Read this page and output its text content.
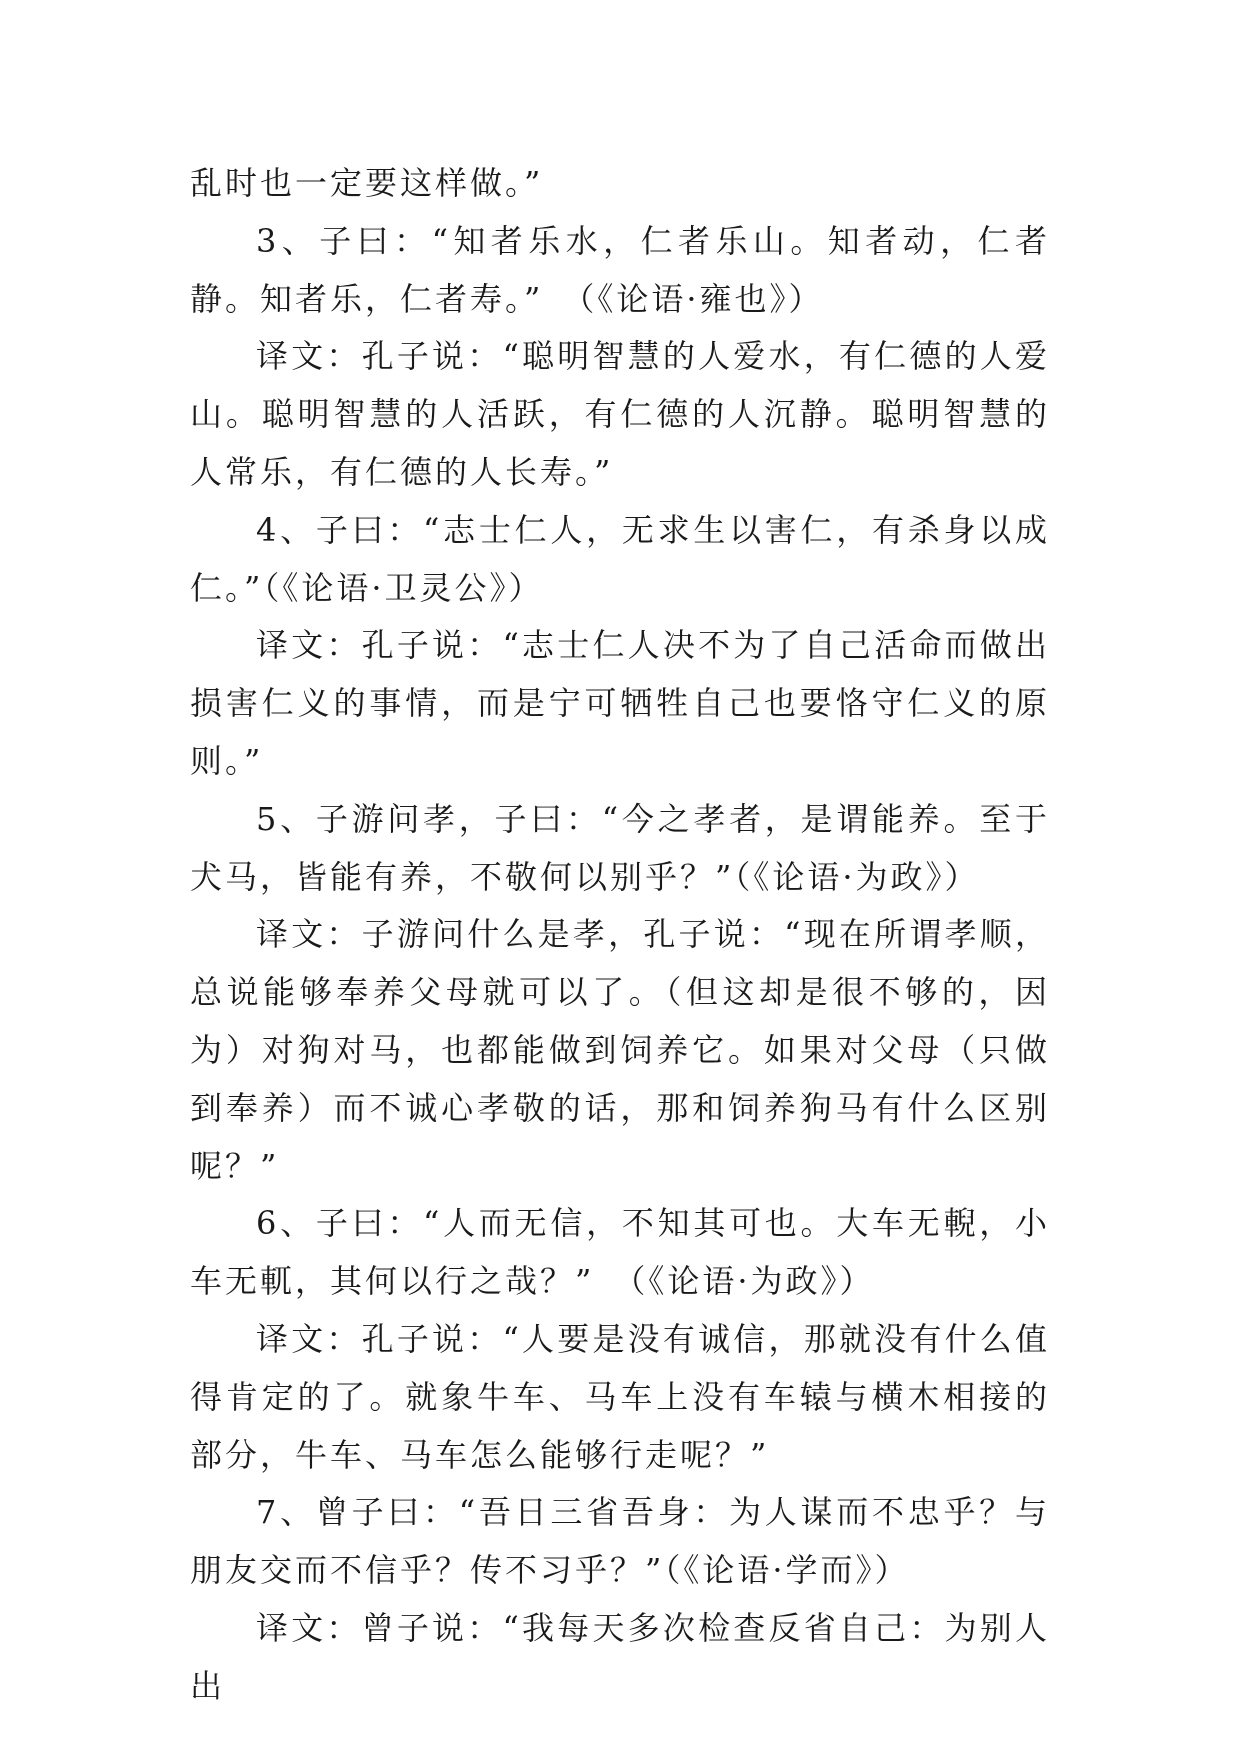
乱时也一定要这样做。”

3、子曰：“知者乐水，仁者乐山。知者动，仁者静。知者乐，仁者寿。”　（《论语·雍也》）

译文：孔子说：“聪明智慧的人爱水，有仁德的人爱山。聪明智慧的人活跃，有仁德的人沉静。聪明智慧的人常乐，有仁德的人长寿。”

4、子曰：“志士仁人，无求生以害仁，有杀身以成仁。”（《论语·卫灵公》）

译文：孔子说：“志士仁人决不为了自己活命而做出损害仁义的事情，而是宁可牺牲自己也要恪守仁义的原则。”

5、子游问孝，子曰：“今之孝者，是谓能养。至于犬马，皆能有养，不敬何以别乎？”（《论语·为政》）

译文：子游问什么是孝，孔子说：“现在所谓孝顺，总说能够奉养父母就可以了。（但这却是很不够的，因为）对狗对马，也都能做到饲养它。如果对父母（只做到奉养）而不诚心孝敬的话，那和饲养狗马有什么区别呢？”

6、子曰：“人而无信，不知其可也。大车无輗，小车无軏，其何以行之哉？”　（《论语·为政》）

译文：孔子说：“人要是没有诚信，那就没有什么值得肯定的了。就象牛车、马车上没有车辕与横木相接的部分，牛车、马车怎么能够行走呢？”

7、曾子曰：“吾日三省吾身：为人谋而不忠乎？与朋友交而不信乎？传不习乎？”（《论语·学而》）

译文：曾子说：“我每天多次检查反省自己：为别人出
